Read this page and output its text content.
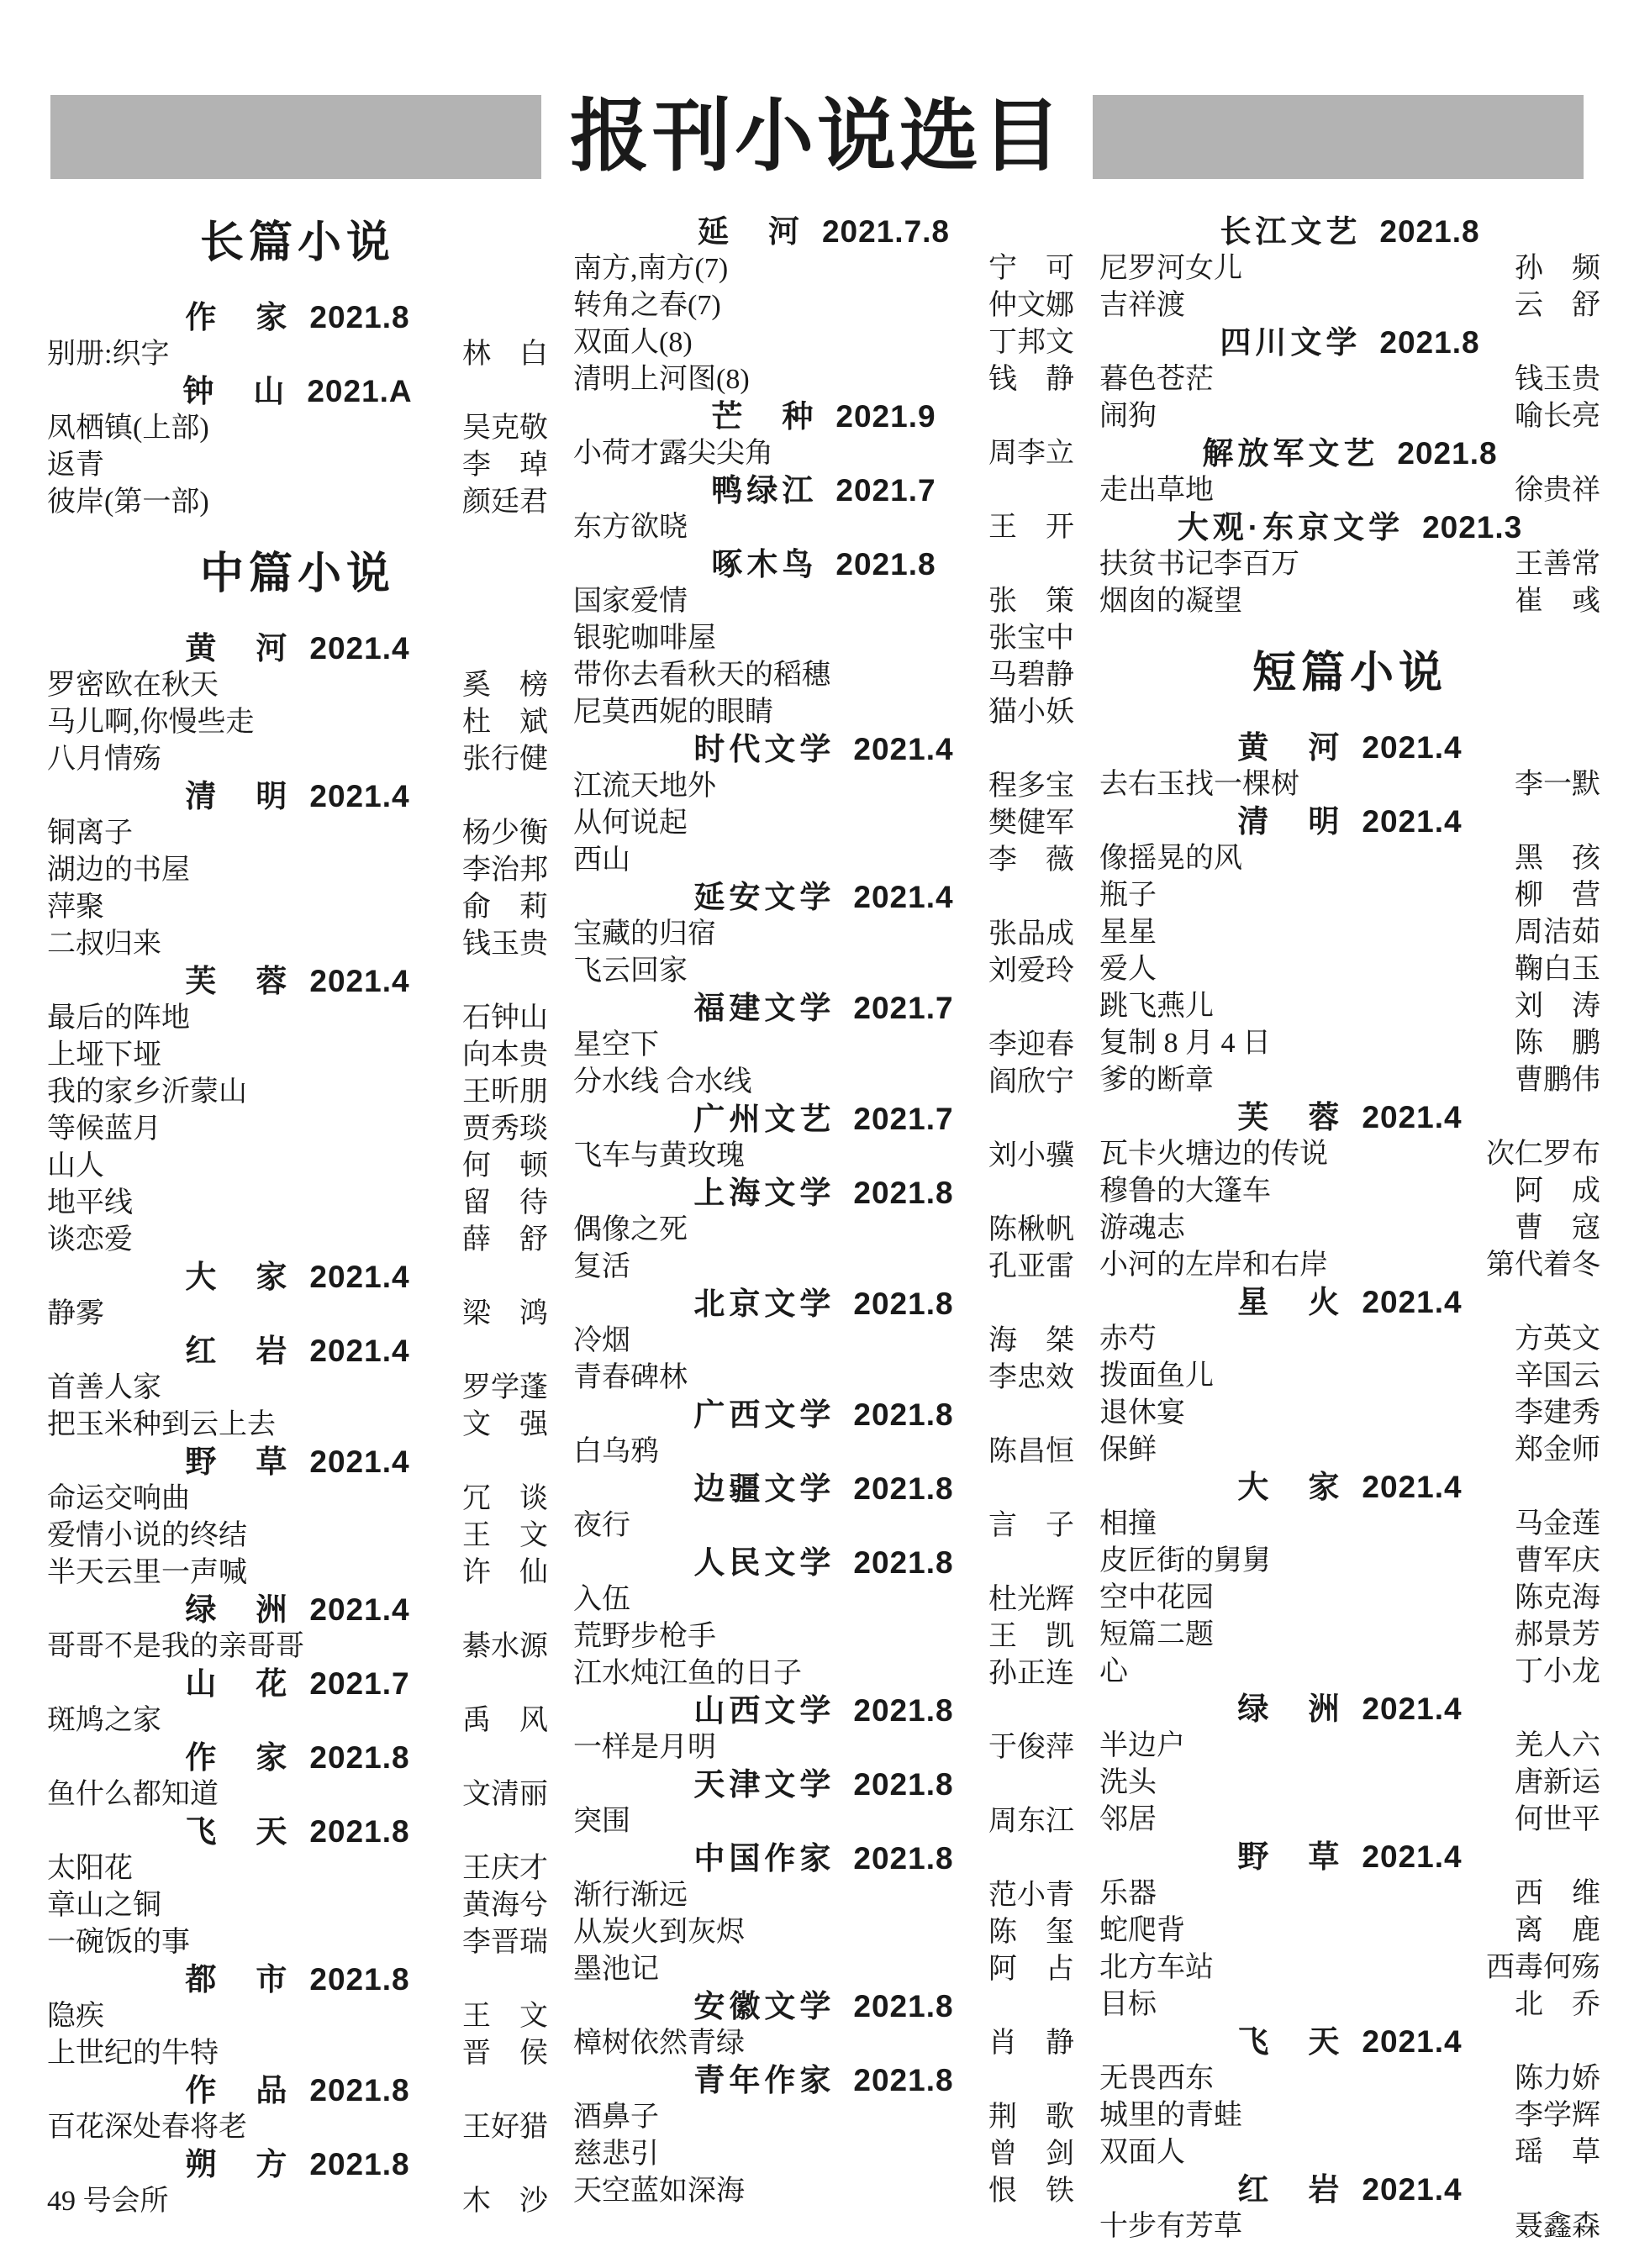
报刊小说选目
长篇小说
作　家 2021.8
别册:织字	林　白
钟　山 2021.A
凤栖镇(上部)	吴克敬
返青	李　琸
彼岸(第一部)	颜廷君
中篇小说
黄　河 2021.4
罗密欧在秋天	奚　榜
马儿啊,你慢些走	杜　斌
八月情殇	张行健
清　明 2021.4
铜离子	杨少衡
湖边的书屋	李治邦
萍聚	俞　莉
二叔归来	钱玉贵
芙　蓉 2021.4
最后的阵地	石钟山
上垭下垭	向本贵
我的家乡沂蒙山	王昕朋
等候蓝月	贾秀琰
山人	何　顿
地平线	留　待
谈恋爱	薛　舒
大　家 2021.4
静雾	梁　鸿
红　岩 2021.4
首善人家	罗学蓬
把玉米种到云上去	文　强
野　草 2021.4
命运交响曲	冗　谈
爱情小说的终结	王　文
半天云里一声喊	许　仙
绿　洲 2021.4
哥哥不是我的亲哥哥	綦水源
山　花 2021.7
斑鸠之家	禹　风
作　家 2021.8
鱼什么都知道	文清丽
飞　天 2021.8
太阳花	王庆才
章山之铜	黄海兮
一碗饭的事	李晋瑞
都　市 2021.8
隐疾	王　文
上世纪的牛特	晋　侯
作　品 2021.8
百花深处春将老	王好猎
朔　方 2021.8
49 号会所	木　沙
延　河 2021.7.8
南方,南方(7)	宁　可
转角之春(7)	仲文娜
双面人(8)	丁邦文
清明上河图(8)	钱　静
芒　种 2021.9
小荷才露尖尖角	周李立
鸭绿江 2021.7
东方欲晓	王　开
啄木鸟 2021.8
国家爱情	张　策
银驼咖啡屋	张宝中
带你去看秋天的稻穗	马碧静
尼莫西妮的眼睛	猫小妖
时代文学 2021.4
江流天地外	程多宝
从何说起	樊健军
西山	李　薇
延安文学 2021.4
宝藏的归宿	张品成
飞云回家	刘爱玲
福建文学 2021.7
星空下	李迎春
分水线 合水线	阎欣宁
广州文艺 2021.7
飞车与黄玫瑰	刘小骥
上海文学 2021.8
偶像之死	陈楸帆
复活	孔亚雷
北京文学 2021.8
冷烟	海　桀
青春碑林	李忠效
广西文学 2021.8
白乌鸦	陈昌恒
边疆文学 2021.8
夜行	言　子
人民文学 2021.8
入伍	杜光辉
荒野步枪手	王　凯
江水炖江鱼的日子	孙正连
山西文学 2021.8
一样是月明	于俊萍
天津文学 2021.8
突围	周东江
中国作家 2021.8
渐行渐远	范小青
从炭火到灰烬	陈　玺
墨池记	阿　占
安徽文学 2021.8
樟树依然青绿	肖　静
青年作家 2021.8
酒鼻子	荆　歌
慈悲引	曾　剑
天空蓝如深海	恨　铁
长江文艺 2021.8
尼罗河女儿	孙　频
吉祥渡	云　舒
四川文学 2021.8
暮色苍茫	钱玉贵
闹狗	喻长亮
解放军文艺 2021.8
走出草地	徐贵祥
大观·东京文学 2021.3
扶贫书记李百万	王善常
烟囱的凝望	崔　彧
短篇小说
黄　河 2021.4
去右玉找一棵树	李一默
清　明 2021.4
像摇晃的风	黑　孩
瓶子	柳　营
星星	周洁茹
爱人	鞠白玉
跳飞燕儿	刘　涛
复制 8 月 4 日	陈　鹏
爹的断章	曹鹏伟
芙　蓉 2021.4
瓦卡火塘边的传说	次仁罗布
穆鲁的大篷车	阿　成
游魂志	曹　寇
小河的左岸和右岸	第代着冬
星　火 2021.4
赤芍	方英文
拨面鱼儿	辛国云
退休宴	李建秀
保鲜	郑金师
大　家 2021.4
相撞	马金莲
皮匠街的舅舅	曹军庆
空中花园	陈克海
短篇二题	郝景芳
心	丁小龙
绿　洲 2021.4
半边户	羌人六
洗头	唐新运
邻居	何世平
野　草 2021.4
乐器	西　维
蛇爬背	离　鹿
北方车站	西毒何殇
目标	北　乔
飞　天 2021.4
无畏西东	陈力娇
城里的青蛙	李学辉
双面人	瑶　草
红　岩 2021.4
十步有芳草	聂鑫森
